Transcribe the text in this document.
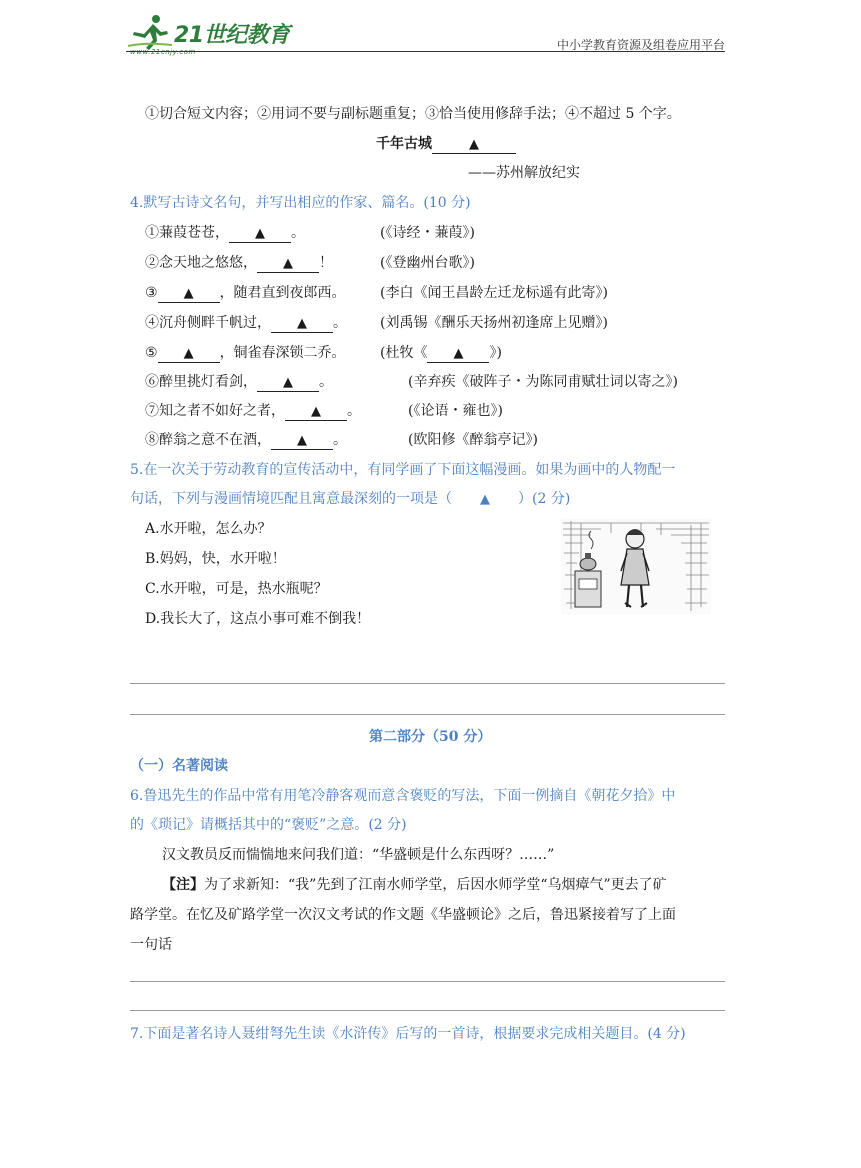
21世纪教育
www.21cnjy.com	中小学教育资源及组卷应用平台
①切合短文内容；②用词不要与副标题重复；③恰当使用修辞手法；④不超过 5 个字。
千年古城	▲
——苏州解放纪实
4.默写古诗文名句，并写出相应的作家、篇名。(10 分)
①蒹葭苍苍， ▲ 。	(《诗经・蒹葭》)
②念天地之悠悠， ▲ ！	(《登幽州台歌》)
③ ▲ ，随君直到夜郎西。 (李白《闻王昌龄左迁龙标遥有此寄》)
④沉舟侧畔千帆过， ▲ 。 (刘禹锡《酬乐天扬州初逢席上见赠》)
⑤ ▲ ，铜雀春深锁二乔。 (杜牧《 ▲ 》)
⑥醉里挑灯看剑， ▲ 。	(辛弃疾《破阵子・为陈同甫赋壮词以寄之》)
⑦知之者不如好之者， ▲ 。	(《论语・雍也》)
⑧醉翁之意不在酒， ▲ 。	(欧阳修《醉翁亭记》)
5.在一次关于劳动教育的宣传活动中，有同学画了下面这幅漫画。如果为画中的人物配一
句话，下列与漫画情境匹配且寓意最深刻的一项是（ ▲ ）(2 分)
A.水开啦，怎么办？
B.妈妈，快，水开啦！
C.水开啦，可是，热水瓶呢？
D.我长大了，这点小事可难不倒我！
第二部分（50 分）
（一）名著阅读
6.鲁迅先生的作品中常有用笔冷静客观而意含褒贬的写法，下面一例摘自《朝花夕拾》中
的《琐记》请概括其中的“褒贬”之意。(2 分)
汉文教员反而惴惴地来问我们道：“华盛顿是什么东西呀？……”
【注】为了求新知：“我”先到了江南水师学堂，后因水师学堂“乌烟瘴气”更去了矿
路学堂。在忆及矿路学堂一次汉文考试的作文题《华盛顿论》之后，鲁迅紧接着写了上面
一句话
7.下面是著名诗人聂绀弩先生读《水浒传》后写的一首诗，根据要求完成相关题目。(4 分)
